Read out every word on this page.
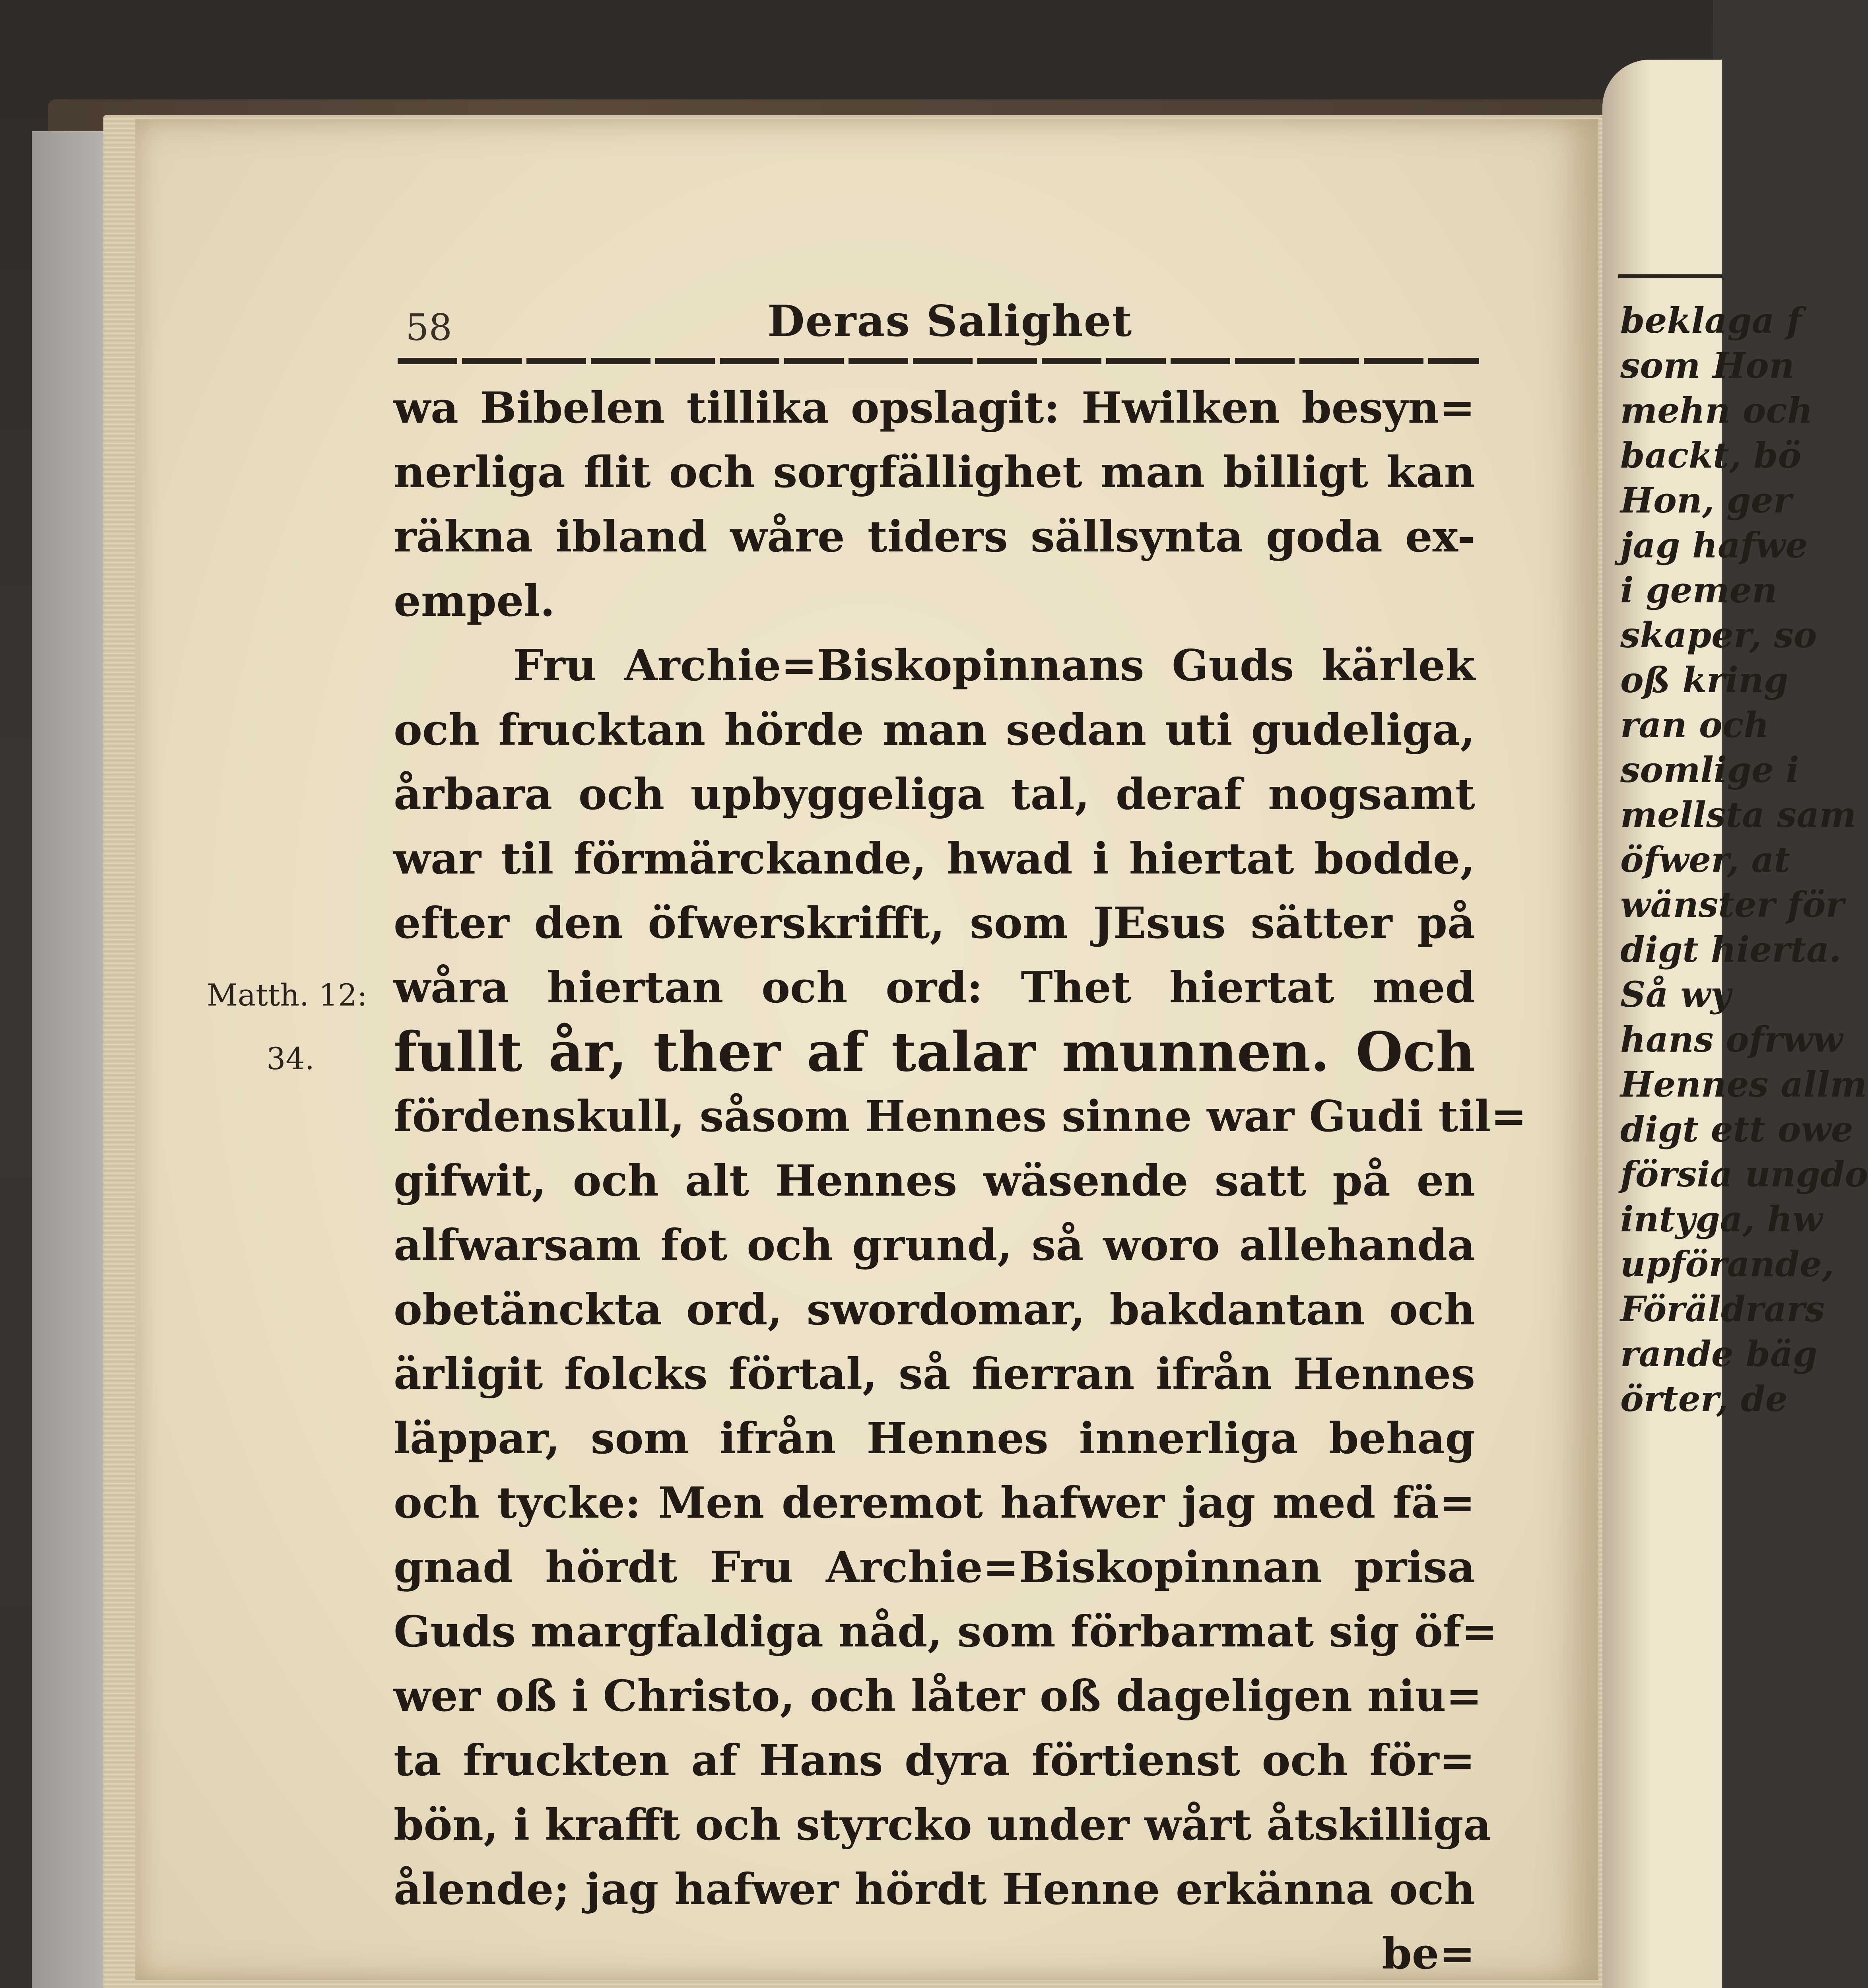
beklaga f
som Hon
mehn och
backt, bö
Hon, ger
jag hafwe
i gemen
skaper, so
oß kring
ran och
somlige i
mellsta sam
öfwer, at
wänster för
digt hierta.
Så wy
hans ofrww
Hennes allm
digt ett owe
försia ungdo
intyga, hw
upförande,
Föräldrars
rande bäg
örter, de
58	Deras Salighet
Matth. 12:
34.
wa Bibelen tillika opslagit: Hwilken besyn=
nerliga flit och sorgfällighet man billigt kan
räkna ibland wåre tiders sällsynta goda ex-
empel.
Fru Archie=Biskopinnans Guds kärlek
och frucktan hörde man sedan uti gudeliga,
årbara och upbyggeliga tal, deraf nogsamt
war til förmärckande, hwad i hiertat bodde,
efter den öfwerskrifft, som JEsus sätter på
wåra hiertan och ord: Thet hiertat med
fullt år, ther af talar munnen. Och
fördenskull, såsom Hennes sinne war Gudi til=
gifwit, och alt Hennes wäsende satt på en
alfwarsam fot och grund, så woro allehanda
obetänckta ord, swordomar, bakdantan och
ärligit folcks förtal, så fierran ifrån Hennes
läppar, som ifrån Hennes innerliga behag
och tycke: Men deremot hafwer jag med fä=
gnad hördt Fru Archie=Biskopinnan prisa
Guds margfaldiga nåd, som förbarmat sig öf=
wer oß i Christo, och låter oß dageligen niu=
ta fruckten af Hans dyra förtienst och för=
bön, i krafft och styrcko under wårt åtskilliga
ålende; jag hafwer hördt Henne erkänna och
be=
